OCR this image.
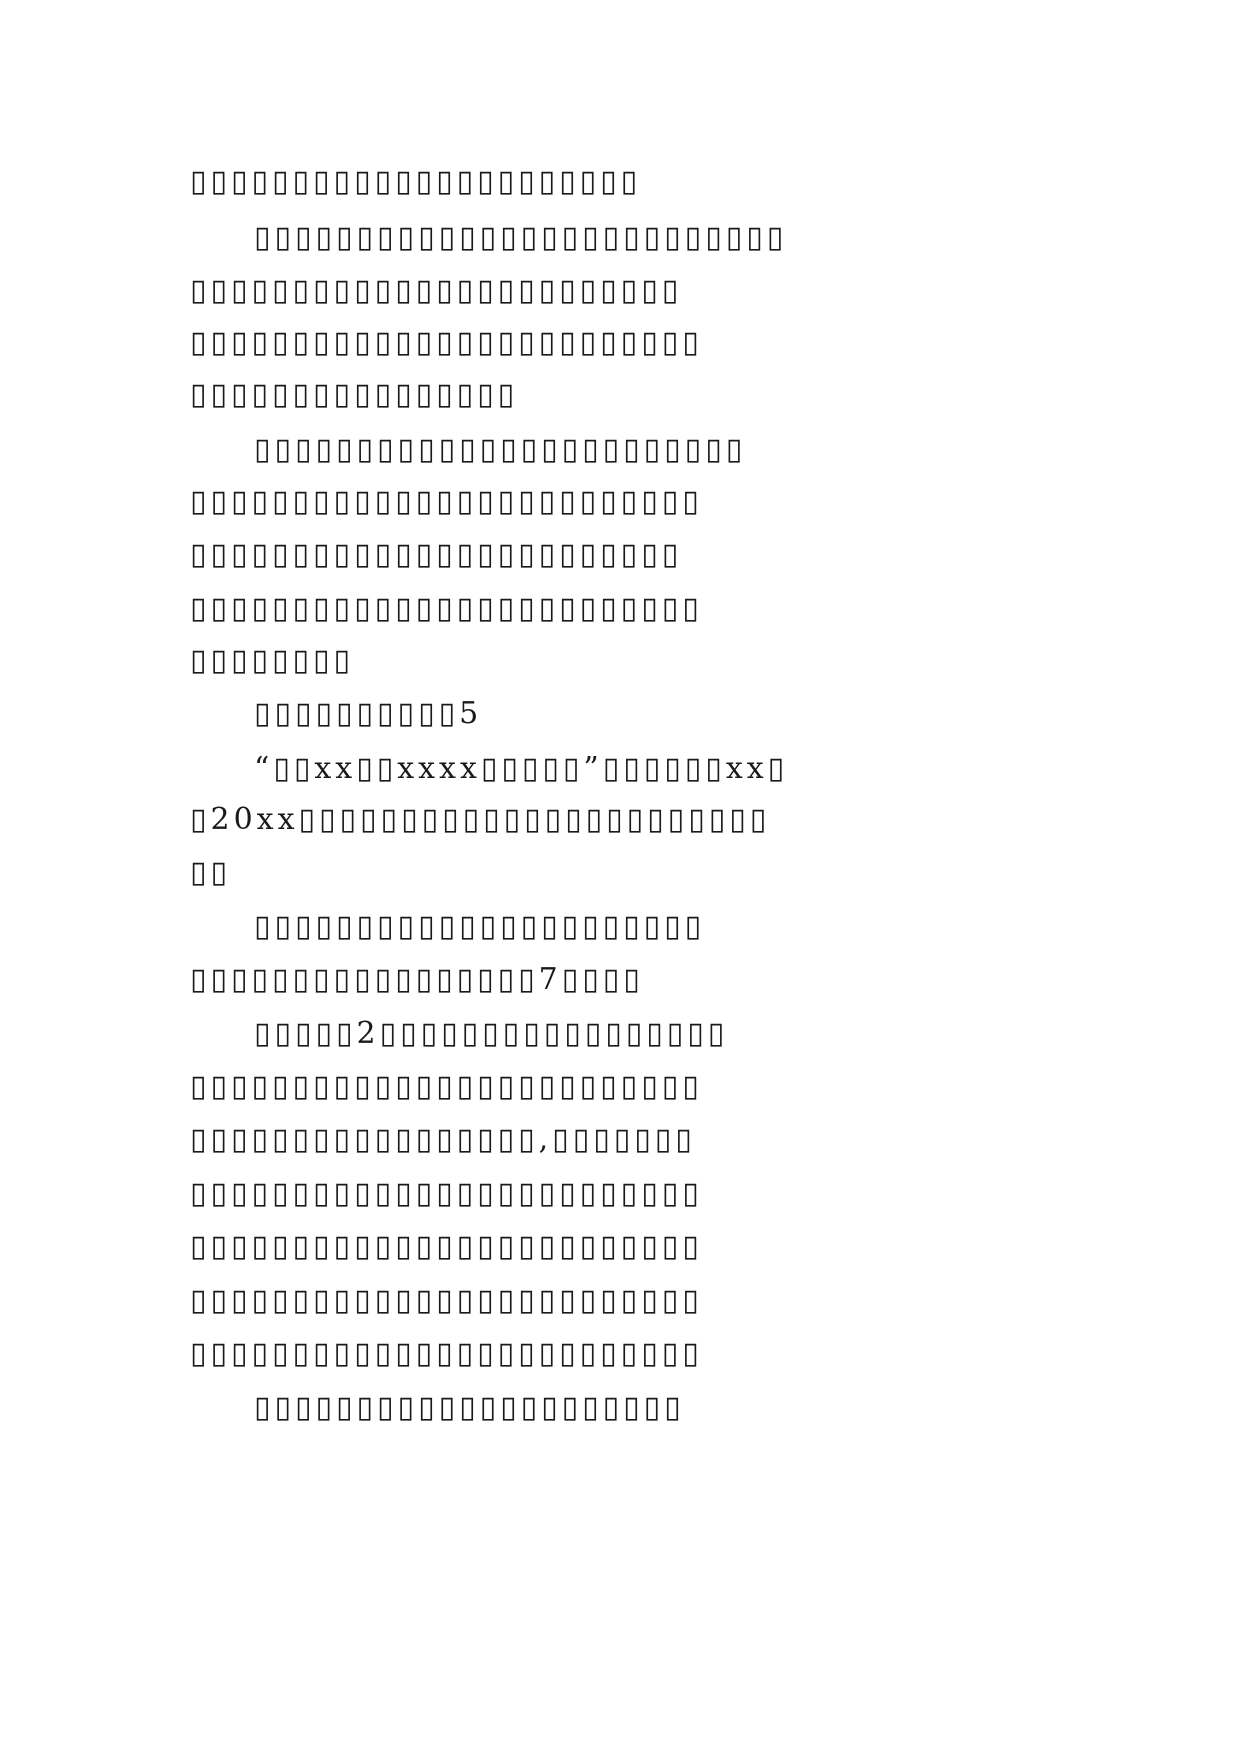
▯▯▯▯▯▯▯▯▯▯▯▯▯▯▯▯▯▯▯▯▯▯
▯▯▯▯▯▯▯▯▯▯▯▯▯▯▯▯▯▯▯▯▯▯▯▯▯▯
▯▯▯▯▯▯▯▯▯▯▯▯▯▯▯▯▯▯▯▯▯▯▯▯
▯▯▯▯▯▯▯▯▯▯▯▯▯▯▯▯▯▯▯▯▯▯▯▯▯
▯▯▯▯▯▯▯▯▯▯▯▯▯▯▯▯
▯▯▯▯▯▯▯▯▯▯▯▯▯▯▯▯▯▯▯▯▯▯▯▯
▯▯▯▯▯▯▯▯▯▯▯▯▯▯▯▯▯▯▯▯▯▯▯▯▯
▯▯▯▯▯▯▯▯▯▯▯▯▯▯▯▯▯▯▯▯▯▯▯▯
▯▯▯▯▯▯▯▯▯▯▯▯▯▯▯▯▯▯▯▯▯▯▯▯▯
▯▯▯▯▯▯▯▯
▯▯▯▯▯▯▯▯▯▯5
“▯▯xx▯▯xxxx▯▯▯▯▯”▯▯▯▯▯▯xx▯
▯20xx▯▯▯▯▯▯▯▯▯▯▯▯▯▯▯▯▯▯▯▯▯▯▯
▯▯
▯▯▯▯▯▯▯▯▯▯▯▯▯▯▯▯▯▯▯▯▯▯
▯▯▯▯▯▯▯▯▯▯▯▯▯▯▯▯▯7▯▯▯▯
▯▯▯▯▯2▯▯▯▯▯▯▯▯▯▯▯▯▯▯▯▯▯
▯▯▯▯▯▯▯▯▯▯▯▯▯▯▯▯▯▯▯▯▯▯▯▯▯
▯▯▯▯▯▯▯▯▯▯▯▯▯▯▯▯▯,▯▯▯▯▯▯▯
▯▯▯▯▯▯▯▯▯▯▯▯▯▯▯▯▯▯▯▯▯▯▯▯▯
▯▯▯▯▯▯▯▯▯▯▯▯▯▯▯▯▯▯▯▯▯▯▯▯▯
▯▯▯▯▯▯▯▯▯▯▯▯▯▯▯▯▯▯▯▯▯▯▯▯▯
▯▯▯▯▯▯▯▯▯▯▯▯▯▯▯▯▯▯▯▯▯▯▯▯▯
▯▯▯▯▯▯▯▯▯▯▯▯▯▯▯▯▯▯▯▯▯
